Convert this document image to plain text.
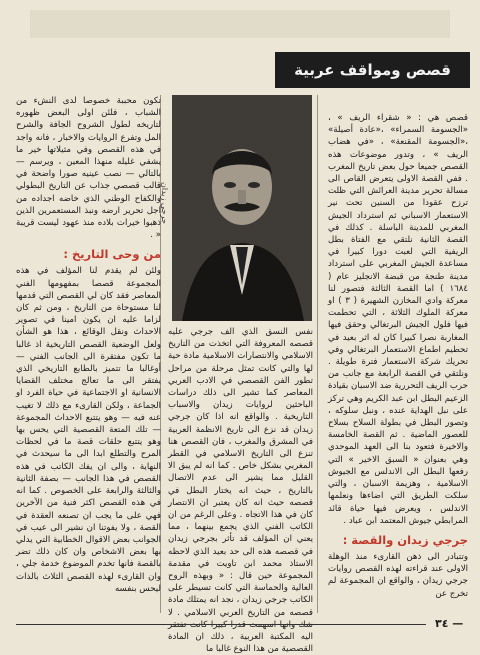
قصص ومواقف عربية
جرجي زيدان

قصص هي : « شقراء الريف » ، «الجسومة السمراء» ،«عادة أصيلة» ،«الجسومة المقنعة» ، «في هضاب الريف » ، وتدور موضوعات هذه القصص جميعا حول بعض تاريخ المغرب . ففي القصة الاولى يتعرض القاص الى مسالة تحرير مدينة العرائش التي ظلت ترزح عقودا من السنين تحت نير الاستعمار الاسباني ثم استرداد الجيش المغربي للمدينة الباسلة . كذلك في القصة الثانية نلتقي مع الفتاة بطل الريفية التي لعبت دورا كبيرا في مساعدة الجيش المغربي على استرداد مدينة طنجة من قبضة الانجليز عام ( ١٦٨٤ ) اما القصة الثالثة فتصور لنا معركة وادي المخازن الشهيرة ( ٣ ) او معركة الملوك الثلاثة ، التي تحطمت فيها فلول الجيش البرتغالي وحقق فيها المغاربة نصرا كبيرا كان له اثر بعيد في تحطيم اطماع الاستعمار البرتغالي وفي تحريك شركة الاستعمار فترة طويلة . ونلتقي في القصة الرابعة مع جانب من حرب الريف التحررية ضد الاسبان بقيادة الزعيم البطل ابن عبد الكريم وهي تركز على نبل الهداية عنده ، ونبل سلوكه ، وتصور البطل في بطولة السلاح بسلاح للعصور الماضية . ثم القصة الخامسة والاخيرة فتعود بنا الى العهد الموحدي وهي بعنوان « السبق الاخير » التي رفعها البطل الى الاندلس مع الجيوش الاسلامية ، وهزيمة الاسبان ، والتي سلكت الطريق التي اضاءها ونعلمها الاندلس ، ويعرض فيها حياة قائد المرابطي جيوش المعتمد ابن عباد .

جرجي زيدان والقصة :

وتتبادر الى ذهن القارىء منذ الوهلة الاولى عند قراءته لهذه القصص روايات جرجي زيدان ، والواقع ان المجموعة لم تخرج عن

نفس النسق الذي الف جرجي عليه قصصه المعروفة التي اتخذت من التاريخ الاسلامي والانتصارات الاسلامية مادة حية لها والتي كانت تمثل مرحلة من مراحل تطور الفن القصصي في الادب العربي المعاصر كما تشير الى ذلك دراسات الباحثين لروايات زيدان والاسباب التاريخية . والواقع انه اذا كان جرجي زيدان قد نزع الى تاريخ الانظمة العربية في المشرق والمغرب ، فان القصص هنا تنزع الى التاريخ الاسلامي في القطر المغربي بشكل خاص . كما انه لم يبق الا القليل مما يشير الى عدم الاتصال بالتاريخ ، حيث انه يختار البطل في قصصه حيث انه كان يعتبر ان الانتصار كان في هذا الاتجاه . وعلى الرغم من ان الكاتب الفني الذي يجمع بينهما ، مما يعني ان المؤلف قد تأثر بجرجي زيدان في قصصه هذه الى حد بعيد الذي لاحظه الاستاذ محمد ابن تاويت في مقدمة المجموعة حين قال : « وبهذه الروح العالية والحماسة التي كانت تسيطر على الكاتب جرجي زيدان ، نجد انه يمتلك مادة قصصه من التاريخ العربي الاسلامي . لا اليه المكتبة العربية ، ذلك ان المادة القصصية من هذا النوع غالبا ما

تكون محببة خصوصا لدى النشء من الشباب ، فلئن اولى البعض ظهوره لتاريخه لطول الشروح الجافة والشرح المل وتفرع الروايات والاخبار ، فانه واجد في هذه القصص وفي مثيلاتها خير ما يشفي غليله منهذا المعين ، ويرسم — بالتالي — نصب عينيه صورا واضحة في قالب قصصي جذاب عن التاريخ البطولي والكفاح الوطني الذي خاضه اجداده من اجل تحرير ارضه ونبذ المستعمرين الذين ذهبوا خيرات بلاده منذ عهود ليست قريبة « .

من وحى التاريخ :

ولئن لم يقدم لنا المؤلف في هذه المجموعة قصصا بمفهومها الفني المعاصر فقد كان لي القصص التي قدمها لنا مستوحاة من التاريخ ، ومن ثم كان لزاما عليه ان يكون امينا في تصوير الاحداث ونقل الوقائع ، هذا هو الشأن ولعل الوضعية القصص التاريخية اذ غالبا ما تكون مفتقرة الى الجانب الفني — أوغالبا ما تتميز بالطابع التاريخي الذي يفتقر الى ما تعالج مختلف القضايا الانسانية او الاجتماعية في حياة الفرد او الجماعة ، ولكن القارىء مع ذلك لا تغيب عنه فيه — وهو يتتبع الاحداث المجموعة — تلك المتعة القصصية التي يحس بها وهو يتتبع حلقات قصة ما في لحظات المرح والتطلع ابدا الى ما سيحدث في النهاية ، والى ان يفك الكاتب في هذه القصص في هذا الجانب — بصفة الثانية والثالثة والرابعة على الخصوص . كما انه في هذه القصص اكثر فنية من الآخرين فهي على ما يجب ان تصنعه العقدة في القصة ، ولا يفوتنا ان نشير الى عيب في الجوانب بعض الاقوال الخطابية التي يدلي بها بعض الاشخاص وان كان ذلك تضر بالقصة فانها تخدم الموضوع خدمة جلي ، وان القارىء لهذه القصص الثلاث بالذات ليحس بنفسه

— ٣٤
